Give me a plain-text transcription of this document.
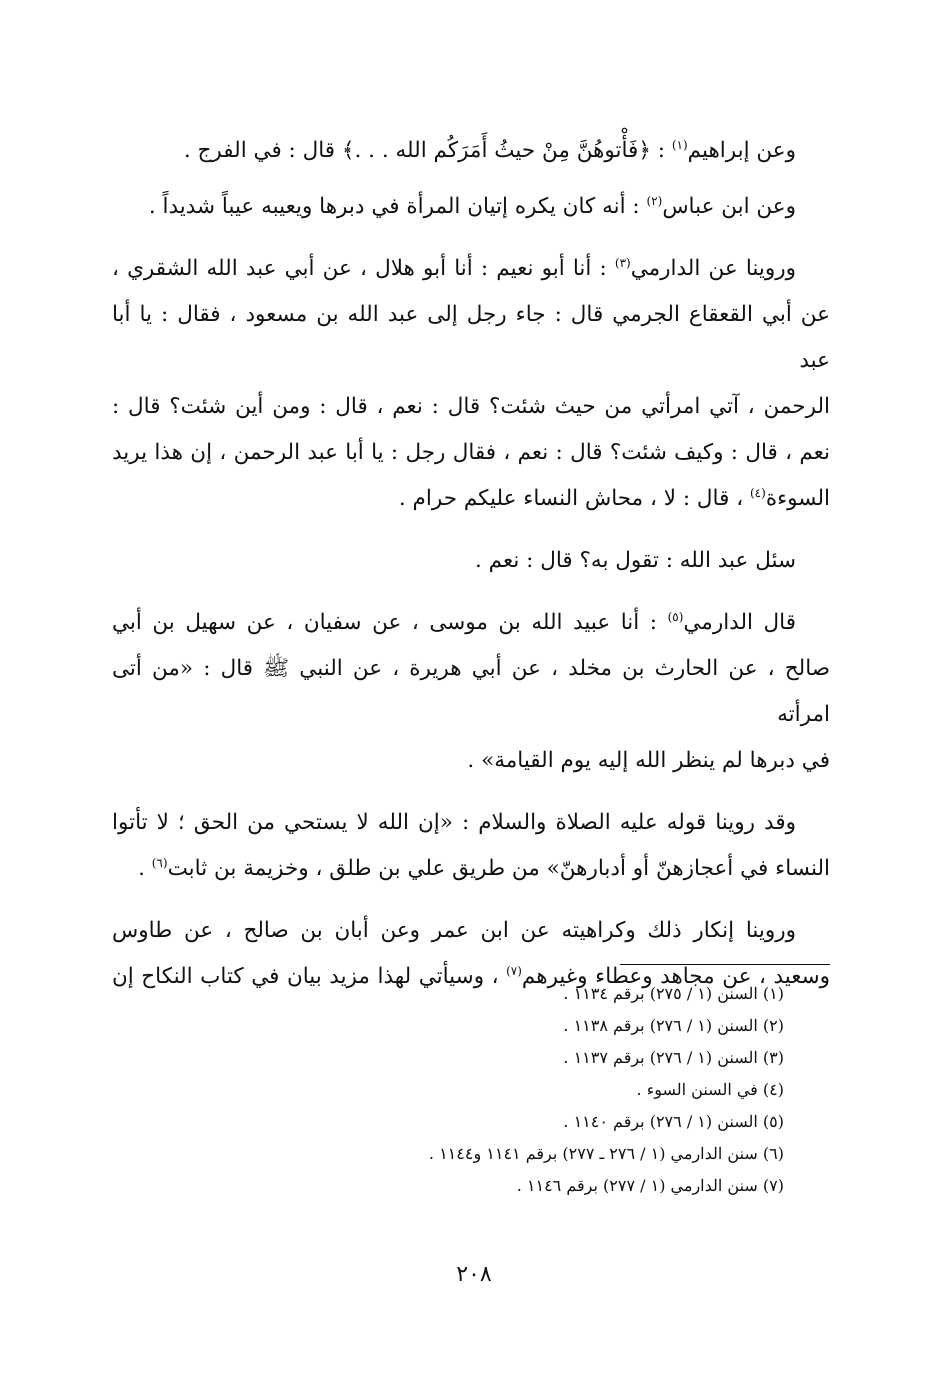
وعن إبراهيم$^{(١)}$ : ﴿فَأْتوهُنَّ مِنْ حيثُ أَمَرَكُم الله . . .﴾ قال : في الفرج .

وعن ابن عباس$^{(٢)}$ : أنه كان يكره إتيان المرأة في دبرها ويعيبه عيباً شديداً .

وروينا عن الدارمي$^{(٣)}$ : أنا أبو نعيم : أنا أبو هلال ، عن أبي عبد الله الشقري ،
عن أبي القعقاع الجرمي قال : جاء رجل إلى عبد الله بن مسعود ، فقال : يا أبا عبد
الرحمن ، آتي امرأتي من حيث شئت؟ قال : نعم ، قال : ومن أين شئت؟ قال :
نعم ، قال : وكيف شئت؟ قال : نعم ، فقال رجل : يا أبا عبد الرحمن ، إن هذا يريد
السوءة$^{(٤)}$ ، قال : لا ، محاش النساء عليكم حرام .

سئل عبد الله : تقول به؟ قال : نعم .

قال الدارمي$^{(٥)}$ : أنا عبيد الله بن موسى ، عن سفيان ، عن سهيل بن أبي
صالح ، عن الحارث بن مخلد ، عن أبي هريرة ، عن النبي ﷺ قال : «من أتى امرأته
في دبرها لم ينظر الله إليه يوم القيامة» .

وقد روينا قوله عليه الصلاة والسلام : «إن الله لا يستحي من الحق ؛ لا تأتوا
النساء في أعجازهنّ أو أدبارهنّ» من طريق علي بن طلق ، وخزيمة بن ثابت$^{(٦)}$ .

وروينا إنكار ذلك وكراهيته عن ابن عمر وعن أبان بن صالح ، عن طاوس
وسعيد ، عن مجاهد وعطاء وغيرهم$^{(٧)}$ ، وسيأتي لهذا مزيد بيان في كتاب النكاح إن

(١) السنن (١ / ٢٧٥) برقم ١١٣٤ .
(٢) السنن (١ / ٢٧٦) برقم ١١٣٨ .
(٣) السنن (١ / ٢٧٦) برقم ١١٣٧ .
(٤) في السنن السوء .
(٥) السنن (١ / ٢٧٦) برقم ١١٤٠ .
(٦) سنن الدارمي (١ / ٢٧٦ ـ ٢٧٧) برقم ١١٤١ و١١٤٤ .
(٧) سنن الدارمي (١ / ٢٧٧) برقم ١١٤٦ .
٢٠٨
